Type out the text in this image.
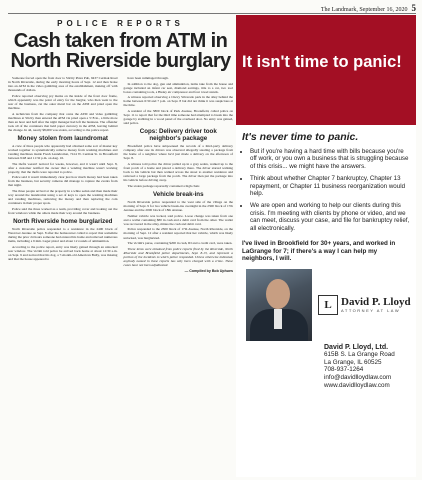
The Landmark, September 16, 2020 5
POLICE REPORTS
Cash taken from ATM in North Riverside burglary

Someone forced open the front door to Slicity Pizza Pub, 9437 Cermak Road in North Riverside, during the early morning hours of Sept. 12 and then broke into an ATM in the video gambling area of the establishment, making off with thousands of dollars.

Police reported observing pry marks on the inside of the front door frame, which apparently was the point of entry for the burglar, who then went to the rear of the business, cut the outer metal bar on the ATM and pried open the machine.

A technician from the company that owns the ATM and video gambling machines at Slicity then entered the ATM via pried open a 5×8 in., a little more than an hour and half after the night manager had left the business. The offender took all of the containers that held paper currency in the ATM, leaving behind the change. In all, nearly $8,000 was stolen, according to the police report.

Money stolen from laundromat

A crew of three people who apparently had obtained some sort of master key worked together to systematically remove money from washing machines and vending machines inside Fresh Laundromat, 7414 W. Cermak St. in Brookfield between 9:48 and 11:32 p.m. on Aug. 16.

The thefts weren't noticed for weeks, however, and it wasn't until Sept. 8, after a customer notified the owner that a vending machine wasn't working properly, that the thefts were reported to police.

Police said it wasn't immediately clear just how much money had been taken from the business, but security cameras did manage to capture the events from that night.

The three people arrived at the property in a white sedan and then made their way around the laundromat using a set of keys to open the washing machines and vending machines, removing the money and then replacing the coin containers in their proper spots.

Police said the three worked as a team, providing cover and looking out the front windows while the others made their way around the business.

North Riverside home burglarized

North Riverside police responded to a residence in the 2400 block of Westover Avenue on Sept. 8 after the homeowner called to report that sometime during the prior 24 hours someone had entered his home and removed numerous items, including a 9 mm. Luger pistol and about 12 rounds of ammunition.

According to the police report, entry was likely gained through an unlocked rear window. The victim told police he arrived back home at about 12:30 a.m. on Sept. 9 and noticed that his dog, a 7-month-old American Bully, was missing and that the house appeared to

have been rummaged through.

In addition to the dog, gun and ammunition, items take from the house and garage included an infant car seat, diamond earrings, title to a car, two tool boxes containing tools, a Husky air compressor and four towel stands.

A witness reported observing a Chevy Silverado park in the alley behind the home between 6:30 and 7 p.m. on Sept. 8 but did not think it was suspicious at the time.

A resident of the 3800 block of Park Avenue, Brookfield, called police on Sept. 11 to report that for the third time someone had attempted to break into the garage by stabbing in a wood panel of the overhead door. No entry was gained, said police.

Cops: Delivery driver took neighbor's package

Brookfield police have subpoenaed the records of a third-party delivery company after one its drivers was observed allegedly stealing a package from the home of a neighbor where he'd just made a delivery on the afternoon of Sept. 8.

A witness told police the driver pulled up in a grey sedan, walked up to the front porch of a home and placed a delivery there. The driver started walking back to his vehicle but then walked across the street to another residence and removed a large package from the porch. The driver then put the package into his vehicle before driving away.

The stolen package reportedly contained a high chair.

Vehicle break-ins

North Riverside police responded to the west side of the village on the morning of Sept. 9 for two vehicle break-ins overnight in the 2300 block of 17th Avenue and the 2000 block of 18th Avenue.

Neither vehicle was locked, said police. Loose change was taken from one and a wallet containing $80 in cash and a debit card from the other. The wallet was recovered in the alley, minus the cash and debit card.

Police responded to the 2300 block of 17th Avenue, North Riverside, on the morning of Sept. 12 after a resident reported that her vehicle, which was likely unlocked, was burglarized.

The victim's purse, containing $200 in cash, ID and a credit card, were taken.

These items were obtained from police reports filed by the Riverside, North Riverside and Brookfield police departments, Sept. 8-13, and represent a portion of the incidents to which police responded. Unless otherwise indicated, anybody named in these reports has only been charged with a crime. These cases have not been adjudicated.

— Compiled by Bob Uphues
It isn't time to panic!
It's never time to panic.
• But if you're having a hard time with bills because you're off work, or you own a business that is struggling because of this crisis... we might have the answers.
• Think about whether Chapter 7 bankruptcy, Chapter 13 repayment, or Chapter 11 business reorganization would help.
• We are open and working to help our clients during this crisis. I'm meeting with clients by phone or video, and we can meet, discuss your case, and file for bankruptcy relief, all electronically.
I've lived in Brookfield for 30+ years, and worked in LaGrange for 7; if there's a way I can help my neighbors, I will.
L David P. Lloyd
ATTORNEY AT LAW
David P. Lloyd, Ltd.
615B S. La Grange Road
La Grange, IL 60525
708-937-1264
info@davidlloydlaw.com
www.davidlloydlaw.com
